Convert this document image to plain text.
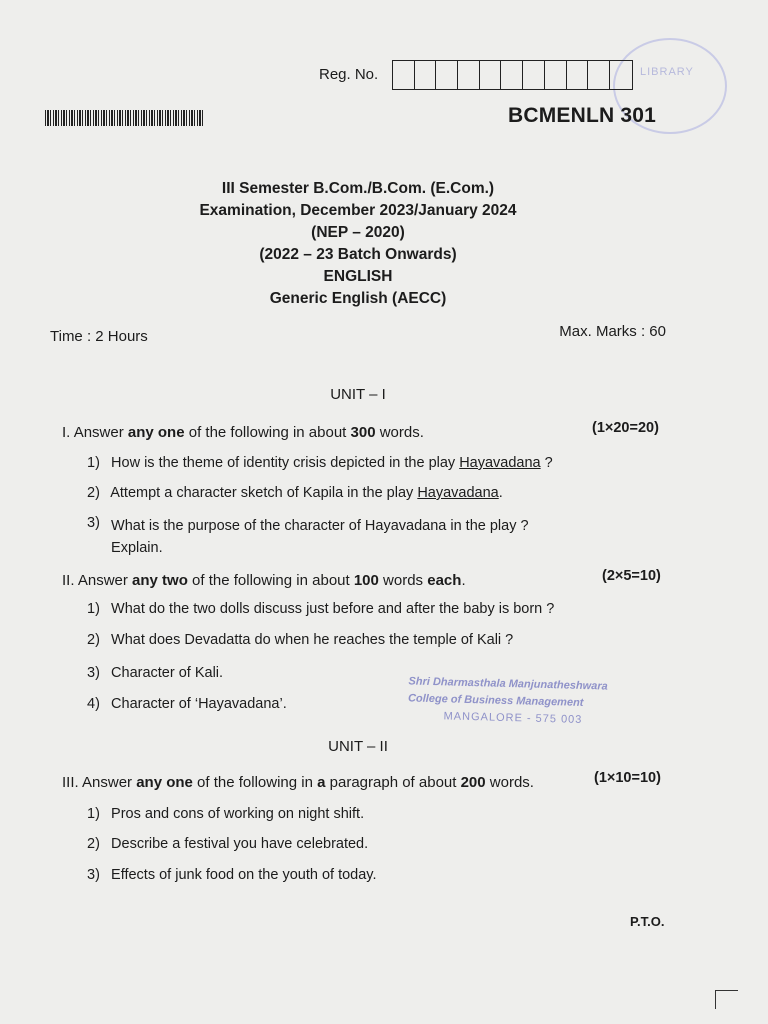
LIBRARY
Reg. No.
BCMENLN 301
III Semester B.Com./B.Com. (E.Com.)
Examination, December 2023/January 2024
(NEP – 2020)
(2022 – 23 Batch Onwards)
ENGLISH
Generic English (AECC)
Time : 2 Hours	Max. Marks : 60
UNIT – I
I. Answer any one of the following in about 300 words.	(1×20=20)
1) How is the theme of identity crisis depicted in the play Hayavadana ?
2) Attempt a character sketch of Kapila in the play Hayavadana.
3) What is the purpose of the character of Hayavadana in the play ?
Explain.
II. Answer any two of the following in about 100 words each.	(2×5=10)
1) What do the two dolls discuss just before and after the baby is born ?
2) What does Devadatta do when he reaches the temple of Kali ?
3) Character of Kali.
4) Character of ‘Hayavadana’.
Shri Dharmasthala Manjunatheshwara
College of Business Management
MANGALORE - 575 003
UNIT – II
III. Answer any one of the following in a paragraph of about 200 words.	(1×10=10)
1) Pros and cons of working on night shift.
2) Describe a festival you have celebrated.
3) Effects of junk food on the youth of today.
P.T.O.
